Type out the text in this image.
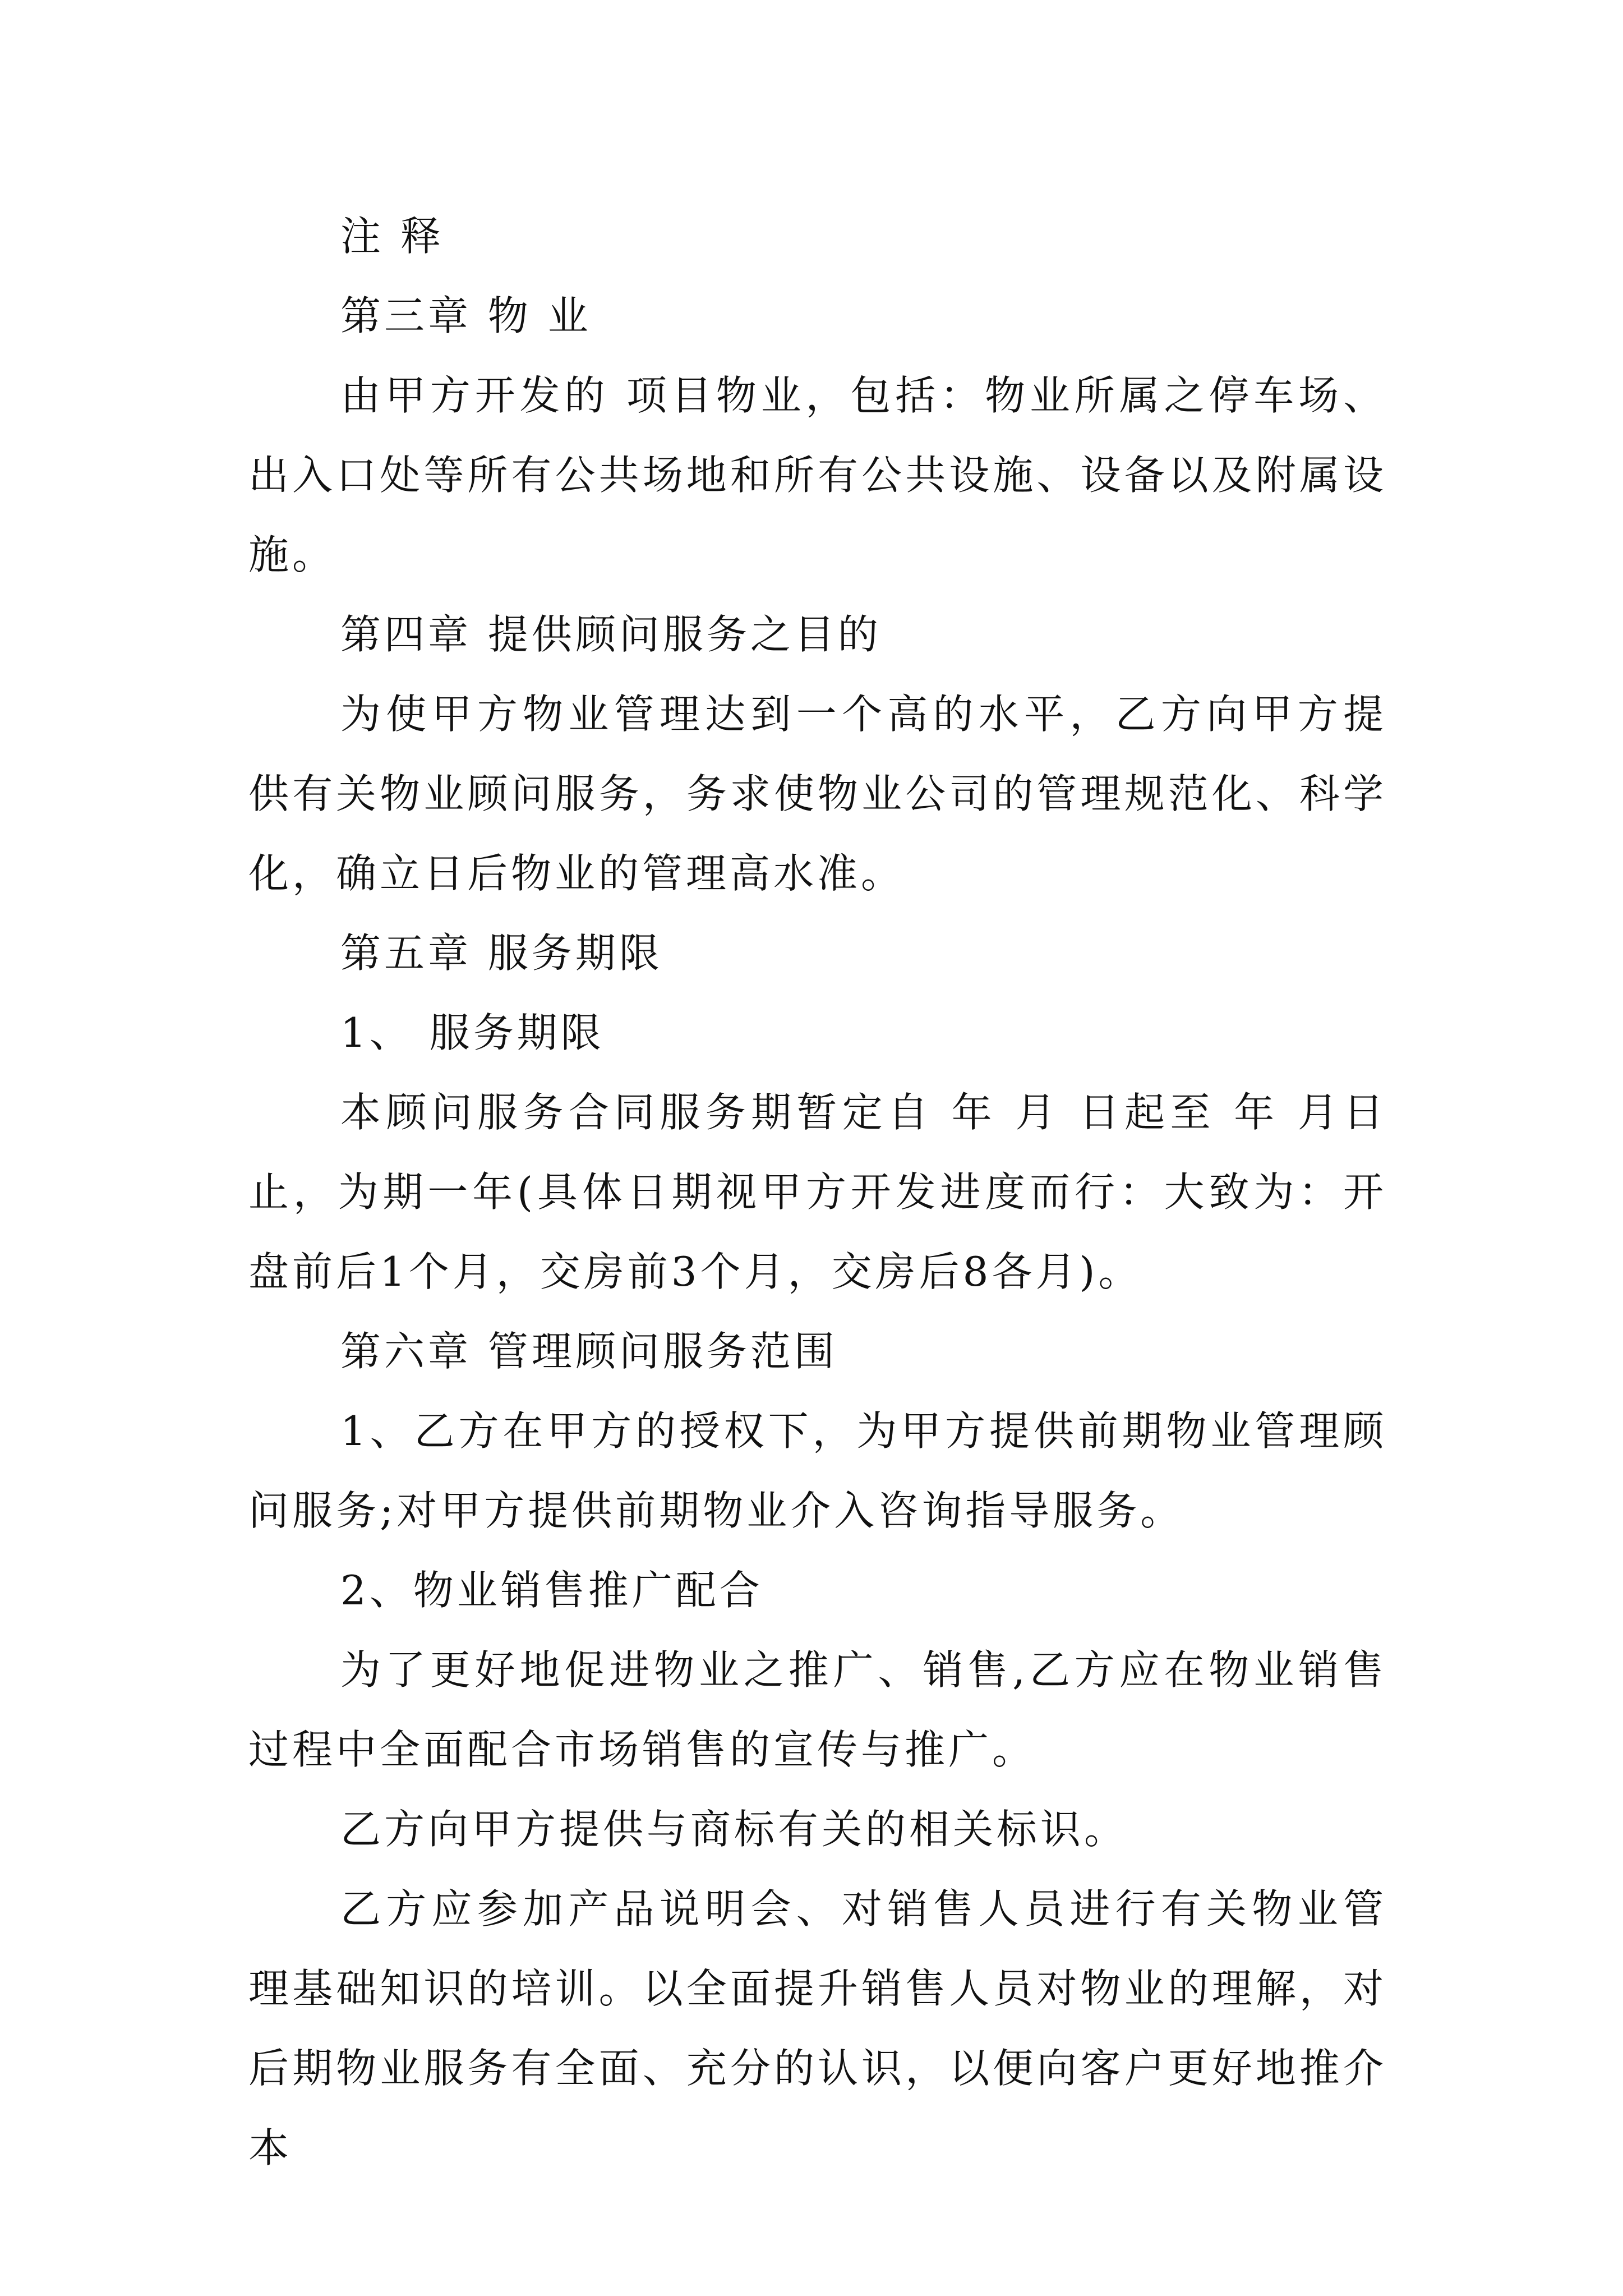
注 释

第三章 物 业

由甲方开发的 项目物业，包括：物业所属之停车场、出入口处等所有公共场地和所有公共设施、设备以及附属设施。

第四章 提供顾问服务之目的

为使甲方物业管理达到一个高的水平，乙方向甲方提供有关物业顾问服务，务求使物业公司的管理规范化、科学化，确立日后物业的管理高水准。

第五章 服务期限

1、 服务期限

本顾问服务合同服务期暂定自 年 月 日起至 年 月日止，为期一年(具体日期视甲方开发进度而行：大致为：开盘前后1个月，交房前3个月，交房后8各月)。

第六章 管理顾问服务范围

1、乙方在甲方的授权下，为甲方提供前期物业管理顾问服务;对甲方提供前期物业介入咨询指导服务。

2、物业销售推广配合

为了更好地促进物业之推广、销售,乙方应在物业销售过程中全面配合市场销售的宣传与推广。

乙方向甲方提供与商标有关的相关标识。

乙方应参加产品说明会、对销售人员进行有关物业管理基础知识的培训。以全面提升销售人员对物业的理解，对后期物业服务有全面、充分的认识，以便向客户更好地推介本
